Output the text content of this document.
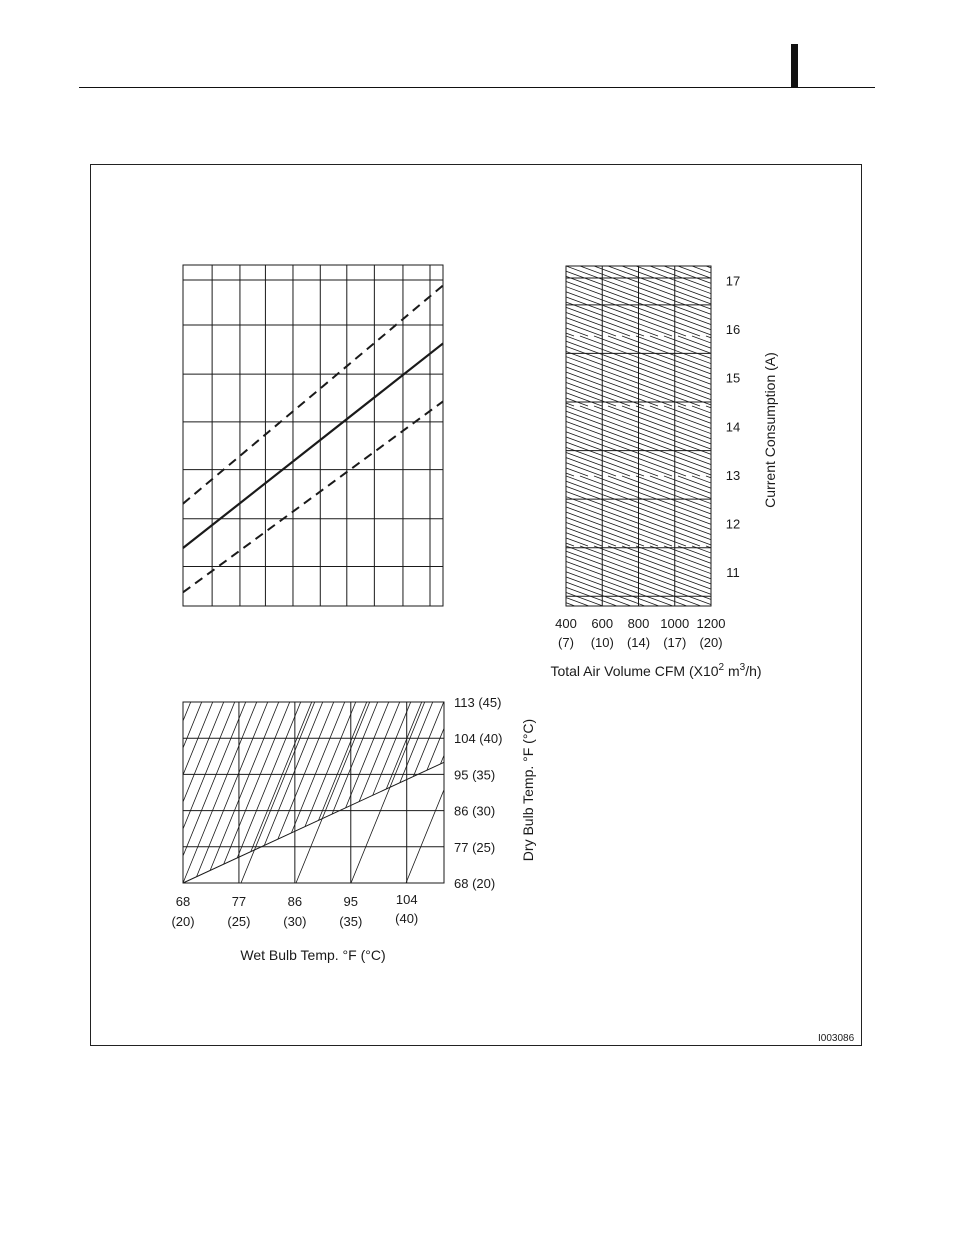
400
(7)
600
(10)
800
(14)
1000
(17)
1200
(20)
17
16
15
14
13
12
11
Total Air Volume CFM ($X10^2$ $m^3/h$)
Current Consumption (A)
68
(20)
77
(25)
86
(30)
95
(35)
104
(40)
113 (45)
104 (40)
95 (35)
86 (30)
77 (25)
68 (20)
Wet Bulb Temp. °F (°C)
Dry Bulb Temp. °F (°C)
I003086
